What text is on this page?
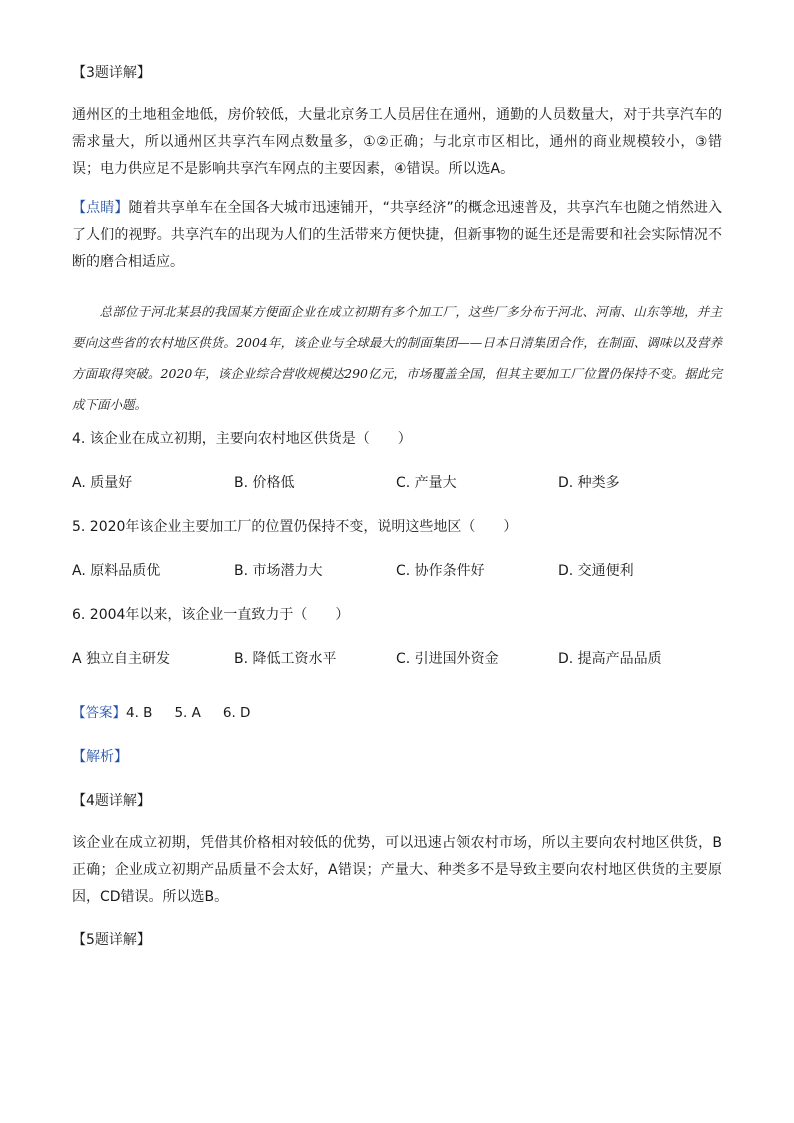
【3题详解】
通州区的土地租金地低，房价较低，大量北京务工人员居住在通州，通勤的人员数量大，对于共享汽车的需求量大，所以通州区共享汽车网点数量多，①②正确；与北京市区相比，通州的商业规模较小，③错误；电力供应足不是影响共享汽车网点的主要因素，④错误。所以选A。
【点睛】随着共享单车在全国各大城市迅速铺开，“共享经济”的概念迅速普及，共享汽车也随之悄然进入了人们的视野。共享汽车的出现为人们的生活带来方便快捷，但新事物的诞生还是需要和社会实际情况不断的磨合相适应。
总部位于河北某县的我国某方便面企业在成立初期有多个加工厂，这些厂多分布于河北、河南、山东等地，并主要向这些省的农村地区供货。2004年，该企业与全球最大的制面集团——日本日清集团合作，在制面、调味以及营养方面取得突破。2020年，该企业综合营收规模达290亿元，市场覆盖全国，但其主要加工厂位置仍保持不变。据此完成下面小题。
4. 该企业在成立初期，主要向农村地区供货是（　　）
A. 质量好	B. 价格低	C. 产量大	D. 种类多
5. 2020年该企业主要加工厂的位置仍保持不变，说明这些地区（　　）
A. 原料品质优	B. 市场潜力大	C. 协作条件好	D. 交通便利
6. 2004年以来，该企业一直致力于（　　）
A 独立自主研发	B. 降低工资水平	C. 引进国外资金	D. 提高产品品质
【答案】4. B 5. A 6. D
【解析】
【4题详解】
该企业在成立初期，凭借其价格相对较低的优势，可以迅速占领农村市场，所以主要向农村地区供货，B正确；企业成立初期产品质量不会太好，A错误；产量大、种类多不是导致主要向农村地区供货的主要原因，CD错误。所以选B。
【5题详解】
